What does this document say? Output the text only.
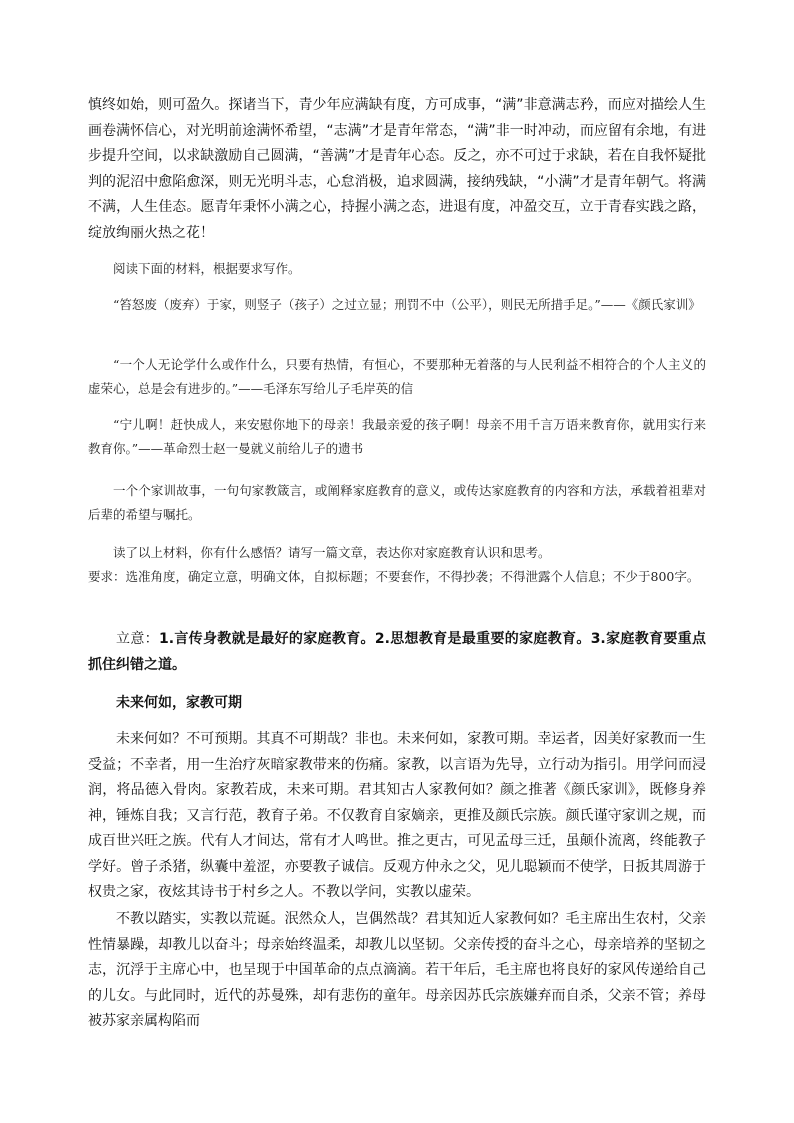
慎终如始，则可盈久。探诸当下，青少年应满缺有度，方可成事，“满”非意满志矜，而应对描绘人生画卷满怀信心，对光明前途满怀希望，“志满”才是青年常态，“满”非一时冲动，而应留有余地，有进步提升空间，以求缺激励自己圆满，“善满”才是青年心态。反之，亦不可过于求缺，若在自我怀疑批判的泥沼中愈陷愈深，则无光明斗志，心怠消极，追求圆满，接纳残缺，“小满”才是青年朝气。将满不满，人生佳态。愿青年秉怀小满之心，持握小满之态，进退有度，冲盈交互，立于青春实践之路，绽放绚丽火热之花！

阅读下面的材料，根据要求写作。

“笞怒废（废弃）于家，则竖子（孩子）之过立显；刑罚不中（公平），则民无所措手足。”——《颜氏家训》

“一个人无论学什么或作什么，只要有热情，有恒心，不要那种无着落的与人民利益不相符合的个人主义的虚荣心，总是会有进步的。”——毛泽东写给儿子毛岸英的信

“宁儿啊！赶快成人，来安慰你地下的母亲！我最亲爱的孩子啊！母亲不用千言万语来教育你，就用实行来教育你。”——革命烈士赵一曼就义前给儿子的遗书

一个个家训故事，一句句家教箴言，或阐释家庭教育的意义，或传达家庭教育的内容和方法，承载着祖辈对后辈的希望与嘱托。

读了以上材料，你有什么感悟？请写一篇文章，表达你对家庭教育认识和思考。

要求：选准角度，确定立意，明确文体，自拟标题；不要套作，不得抄袭；不得泄露个人信息；不少于800字。

立意：1.言传身教就是最好的家庭教育。2.思想教育是最重要的家庭教育。3.家庭教育要重点抓住纠错之道。

未来何如，家教可期

未来何如？不可预期。其真不可期哉？非也。未来何如，家教可期。幸运者，因美好家教而一生受益；不幸者，用一生治疗灰暗家教带来的伤痛。家教，以言语为先导，立行动为指引。用学问而浸润，将品德入骨肉。家教若成，未来可期。君其知古人家教何如？颜之推著《颜氏家训》，既修身养神，锤炼自我；又言行范，教育子弟。不仅教育自家嫡亲，更推及颜氏宗族。颜氏谨守家训之规，而成百世兴旺之族。代有人才间达，常有才人鸣世。推之更古，可见孟母三迁，虽颠仆流离，终能教子学好。曾子杀猪，纵囊中羞涩，亦要教子诚信。反观方仲永之父，见儿聪颖而不使学，日扳其周游于权贵之家，夜炫其诗书于村乡之人。不教以学问，实教以虚荣。

不教以踏实，实教以荒诞。泯然众人，岂偶然哉？君其知近人家教何如？毛主席出生农村，父亲性情暴躁，却教儿以奋斗；母亲始终温柔，却教儿以坚韧。父亲传授的奋斗之心，母亲培养的坚韧之志，沉浮于主席心中，也呈现于中国革命的点点滴滴。若干年后，毛主席也将良好的家风传递给自己的儿女。与此同时，近代的苏曼殊，却有悲伤的童年。母亲因苏氏宗族嫌弃而自杀，父亲不管；养母被苏家亲属构陷而
